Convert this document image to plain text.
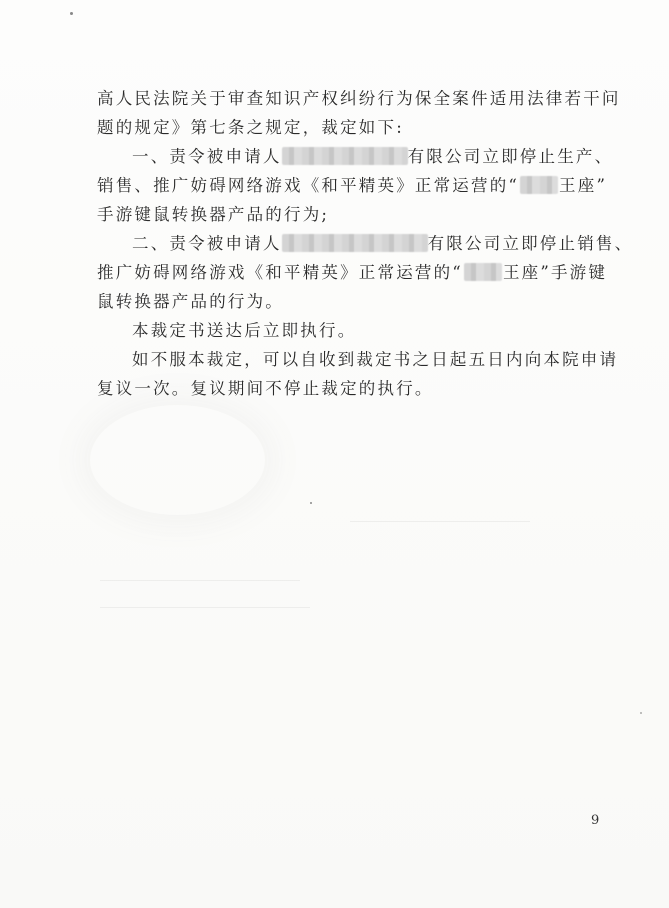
高人民法院关于审查知识产权纠纷行为保全案件适用法律若干问
题的规定》第七条之规定，裁定如下:
一、责令被申请人	有限公司立即停止生产、
销售、推广妨碍网络游戏《和平精英》正常运营的“ 王座”
手游键鼠转换器产品的行为;
二、责令被申请人	有限公司立即停止销售、
推广妨碍网络游戏《和平精英》正常运营的“ 王座”手游键
鼠转换器产品的行为。
本裁定书送达后立即执行。
如不服本裁定，可以自收到裁定书之日起五日内向本院申请
复议一次。复议期间不停止裁定的执行。
9
